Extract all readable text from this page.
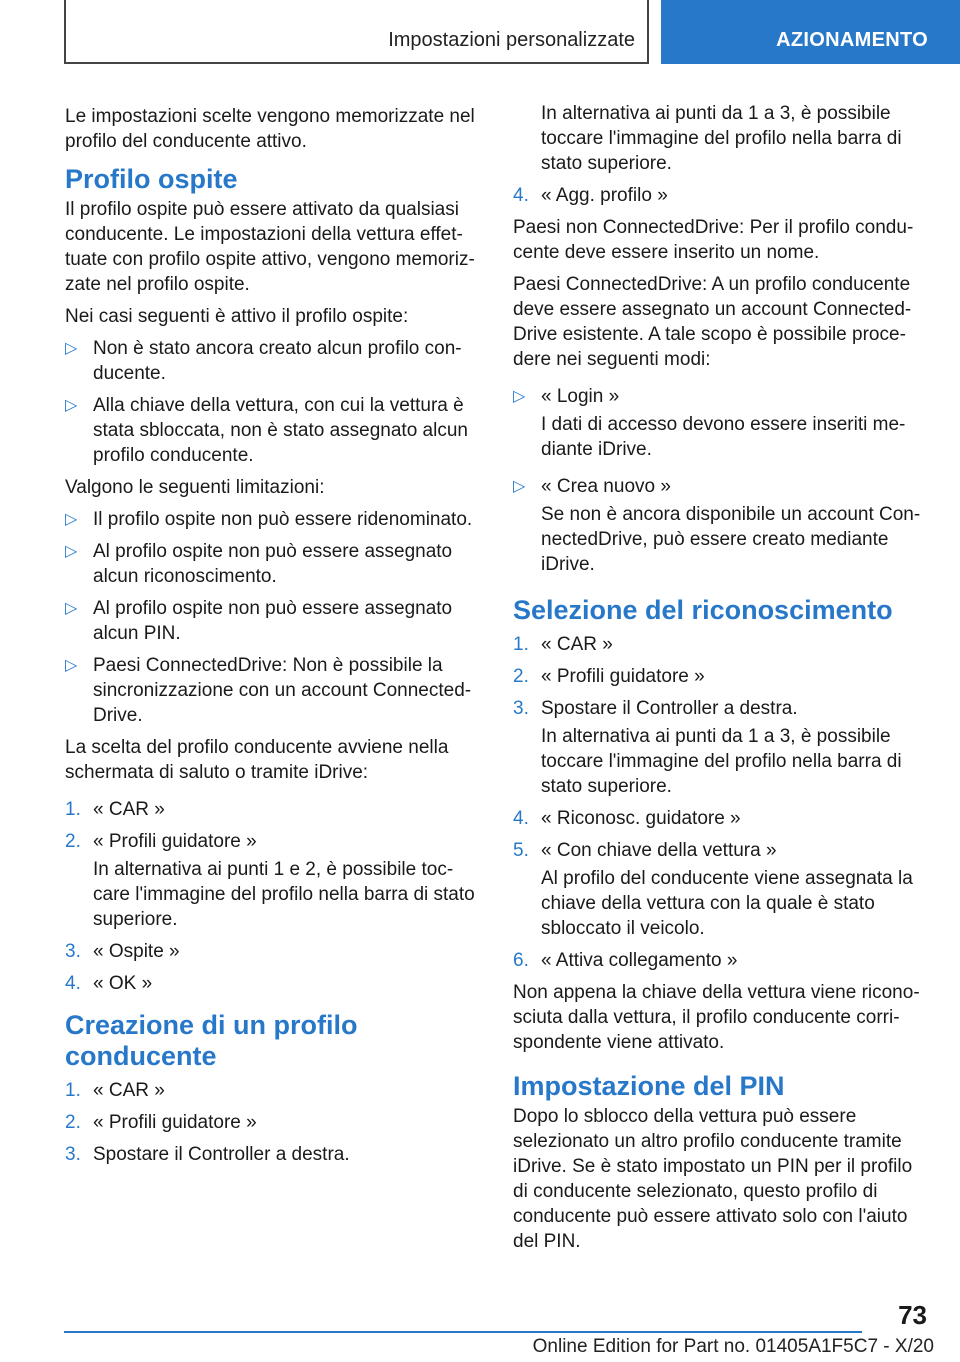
Impostazioni personalizzate	AZIONAMENTO

Le impostazioni scelte vengono memorizzate nel profilo del conducente attivo.

Profilo ospite

Il profilo ospite può essere attivato da qualsiasi conducente. Le impostazioni della vettura effettuate con profilo ospite attivo, vengono memorizzate nel profilo ospite.

Nei casi seguenti è attivo il profilo ospite:

▷ Non è stato ancora creato alcun profilo conducente.
▷ Alla chiave della vettura, con cui la vettura è stata sbloccata, non è stato assegnato alcun profilo conducente.

Valgono le seguenti limitazioni:

▷ Il profilo ospite non può essere ridenominato.
▷ Al profilo ospite non può essere assegnato alcun riconoscimento.
▷ Al profilo ospite non può essere assegnato alcun PIN.
▷ Paesi ConnectedDrive: Non è possibile la sincronizzazione con un account ConnectedDrive.

La scelta del profilo conducente avviene nella schermata di saluto o tramite iDrive:

1. « CAR »
2. « Profili guidatore »

In alternativa ai punti 1 e 2, è possibile toccare l'immagine del profilo nella barra di stato superiore.

3. « Ospite »
4. « OK »
Creazione di un profilo conducente
1. « CAR »
2. « Profili guidatore »
3. Spostare il Controller a destra.

In alternativa ai punti da 1 a 3, è possibile toccare l'immagine del profilo nella barra di stato superiore.

4. « Agg. profilo »

Paesi non ConnectedDrive: Per il profilo conducente deve essere inserito un nome.

Paesi ConnectedDrive: A un profilo conducente deve essere assegnato un account ConnectedDrive esistente. A tale scopo è possibile procedere nei seguenti modi:

▷ « Login »

I dati di accesso devono essere inseriti mediante iDrive.

▷ « Crea nuovo »

Se non è ancora disponibile un account ConnectedDrive, può essere creato mediante iDrive.

Selezione del riconoscimento
1. « CAR »
2. « Profili guidatore »
3. Spostare il Controller a destra.

In alternativa ai punti da 1 a 3, è possibile toccare l'immagine del profilo nella barra di stato superiore.

4. « Riconosc. guidatore »
5. « Con chiave della vettura »

Al profilo del conducente viene assegnata la chiave della vettura con la quale è stato sbloccato il veicolo.

6. « Attiva collegamento »

Non appena la chiave della vettura viene riconosciuta dalla vettura, il profilo conducente corrispondente viene attivato.

Impostazione del PIN

Dopo lo sblocco della vettura può essere selezionato un altro profilo conducente tramite iDrive. Se è stato impostato un PIN per il profilo di conducente selezionato, questo profilo di conducente può essere attivato solo con l'aiuto del PIN.

73
Online Edition for Part no. 01405A1F5C7 - X/20
